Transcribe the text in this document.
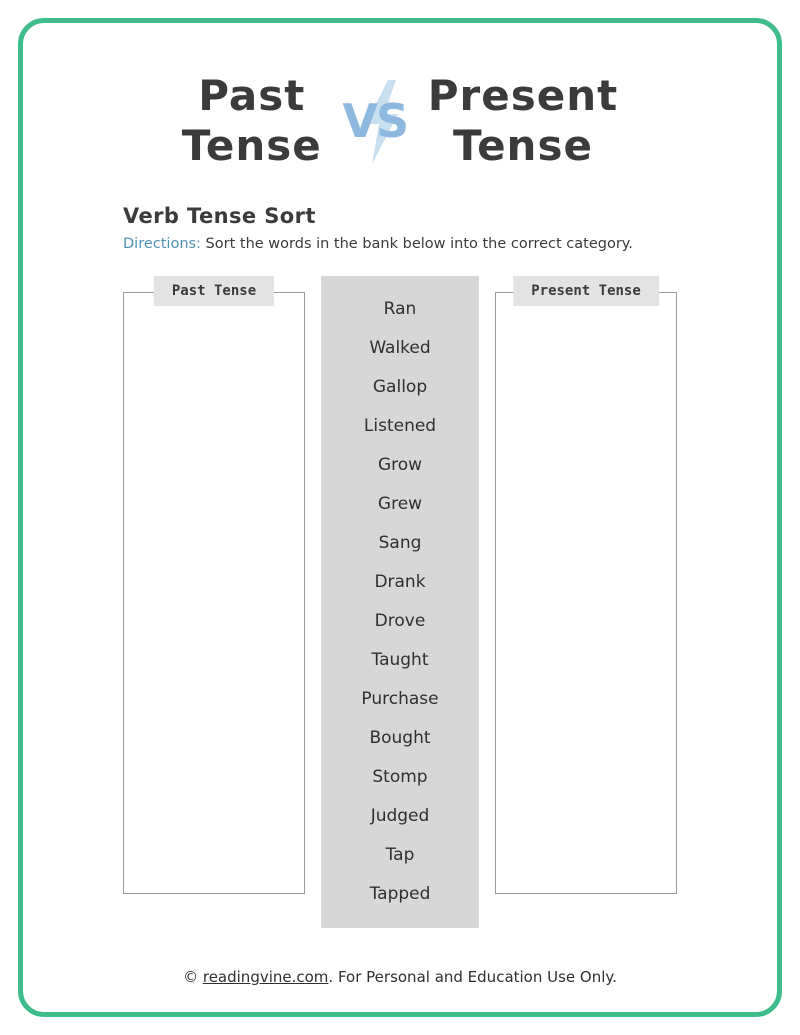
Past
Tense VS Present
Tense
Verb Tense Sort
Directions: Sort the words in the bank below into the correct category.
Past Tense
Ran
Walked
Gallop
Listened
Grow
Grew
Sang
Drank
Drove
Taught
Purchase
Bought
Stomp
Judged
Tap
Tapped
Present Tense
© readingvine.com. For Personal and Education Use Only.
